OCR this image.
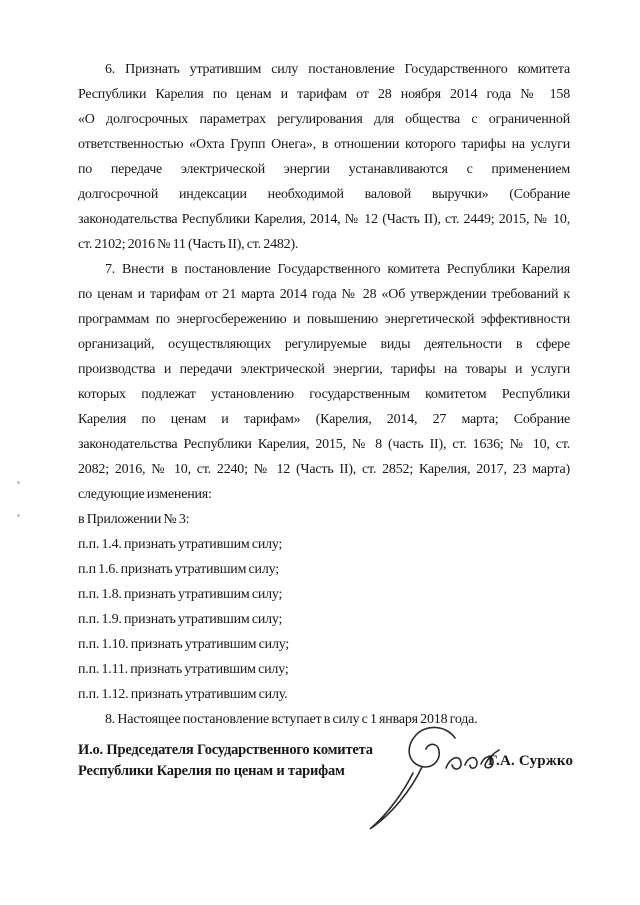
6. Признать утратившим силу постановление Государственного комитета
Республики Карелия по ценам и тарифам от 28 ноября 2014 года № 158
«О долгосрочных параметрах регулирования для общества с ограниченной
ответственностью «Охта Групп Онега», в отношении которого тарифы на услуги
по передаче электрической энергии устанавливаются с применением
долгосрочной индексации необходимой валовой выручки» (Собрание
законодательства Республики Карелия, 2014, № 12 (Часть II), ст. 2449; 2015, № 10,
ст. 2102; 2016 № 11 (Часть II), ст. 2482).
7. Внести в постановление Государственного комитета Республики Карелия
по ценам и тарифам от 21 марта 2014 года № 28 «Об утверждении требований к
программам по энергосбережению и повышению энергетической эффективности
организаций, осуществляющих регулируемые виды деятельности в сфере
производства и передачи электрической энергии, тарифы на товары и услуги
которых подлежат установлению государственным комитетом Республики
Карелия по ценам и тарифам» (Карелия, 2014, 27 марта; Собрание
законодательства Республики Карелия, 2015, № 8 (часть II), ст. 1636; № 10, ст.
2082; 2016, № 10, ст. 2240; № 12 (Часть II), ст. 2852; Карелия, 2017, 23 марта)
следующие изменения:
в Приложении № 3:
п.п. 1.4. признать утратившим силу;
п.п 1.6. признать утратившим силу;
п.п. 1.8. признать утратившим силу;
п.п. 1.9. признать утратившим силу;
п.п. 1.10. признать утратившим силу;
п.п. 1.11. признать утратившим силу;
п.п. 1.12. признать утратившим силу.
8. Настоящее постановление вступает в силу с 1 января 2018 года.
И.о. Председателя Государственного комитета
Республики Карелия по ценам и тарифам
Г.А. Суржко
